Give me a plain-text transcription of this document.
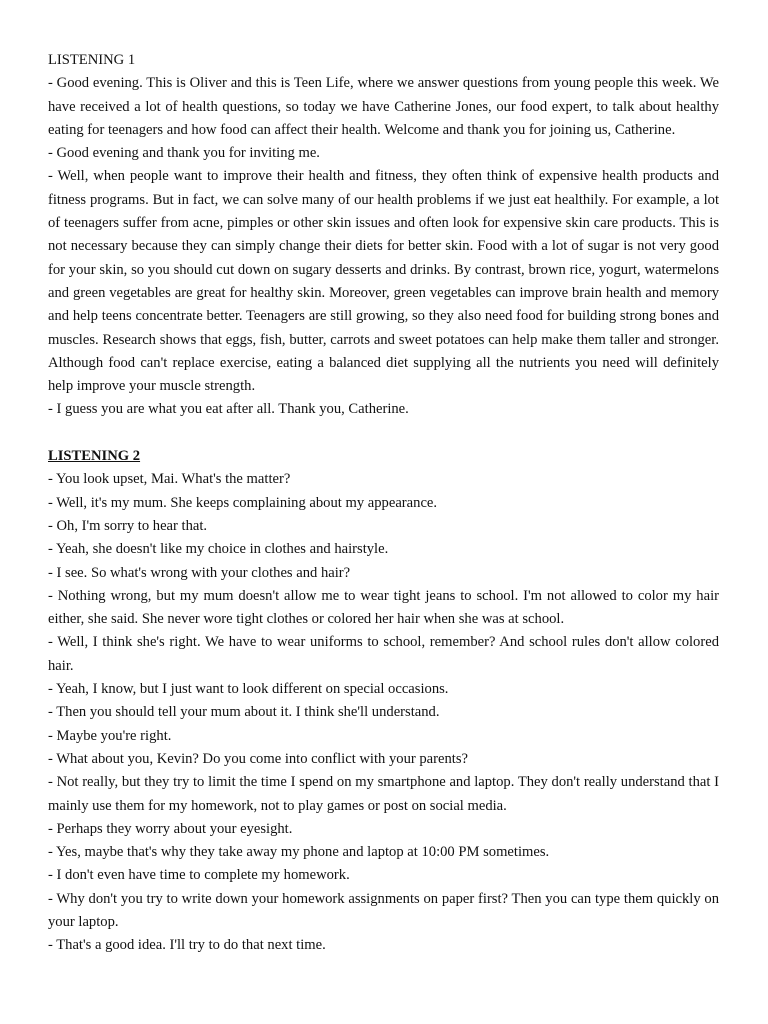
LISTENING 1

- Good evening. This is Oliver and this is Teen Life, where we answer questions from young people this week. We have received a lot of health questions, so today we have Catherine Jones, our food expert, to talk about healthy eating for teenagers and how food can affect their health. Welcome and thank you for joining us, Catherine.

- Good evening and thank you for inviting me.

- Well, when people want to improve their health and fitness, they often think of expensive health products and fitness programs. But in fact, we can solve many of our health problems if we just eat healthily. For example, a lot of teenagers suffer from acne, pimples or other skin issues and often look for expensive skin care products. This is not necessary because they can simply change their diets for better skin. Food with a lot of sugar is not very good for your skin, so you should cut down on sugary desserts and drinks. By contrast, brown rice, yogurt, watermelons and green vegetables are great for healthy skin. Moreover, green vegetables can improve brain health and memory and help teens concentrate better. Teenagers are still growing, so they also need food for building strong bones and muscles. Research shows that eggs, fish, butter, carrots and sweet potatoes can help make them taller and stronger. Although food can't replace exercise, eating a balanced diet supplying all the nutrients you need will definitely help improve your muscle strength.

- I guess you are what you eat after all. Thank you, Catherine.

LISTENING 2

- You look upset, Mai. What's the matter?

- Well, it's my mum. She keeps complaining about my appearance.

- Oh, I'm sorry to hear that.

- Yeah, she doesn't like my choice in clothes and hairstyle.

- I see. So what's wrong with your clothes and hair?

- Nothing wrong, but my mum doesn't allow me to wear tight jeans to school. I'm not allowed to color my hair either, she said. She never wore tight clothes or colored her hair when she was at school.

- Well, I think she's right. We have to wear uniforms to school, remember? And school rules don't allow colored hair.

- Yeah, I know, but I just want to look different on special occasions.

- Then you should tell your mum about it. I think she'll understand.

- Maybe you're right.

- What about you, Kevin? Do you come into conflict with your parents?

- Not really, but they try to limit the time I spend on my smartphone and laptop. They don't really understand that I mainly use them for my homework, not to play games or post on social media.

- Perhaps they worry about your eyesight.

- Yes, maybe that's why they take away my phone and laptop at 10:00 PM sometimes.

- I don't even have time to complete my homework.

- Why don't you try to write down your homework assignments on paper first? Then you can type them quickly on your laptop.

- That's a good idea. I'll try to do that next time.
